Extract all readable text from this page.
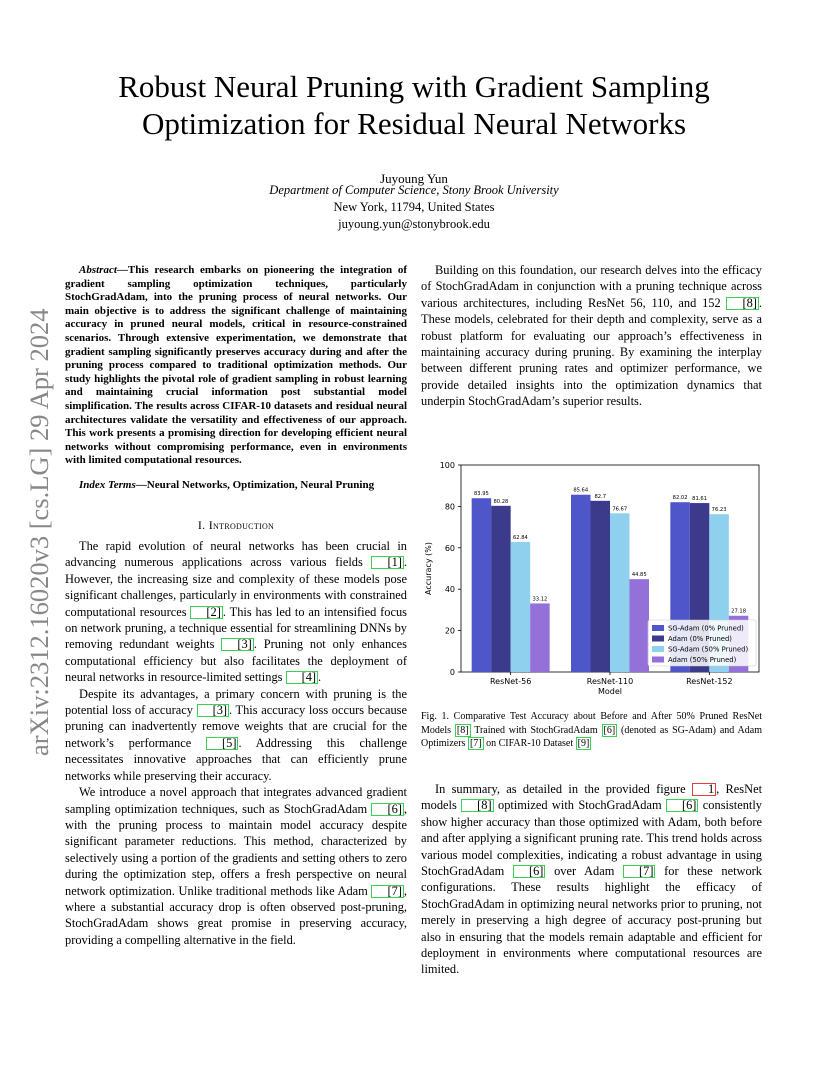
arXiv:2312.16020v3 [cs.LG] 29 Apr 2024
Robust Neural Pruning with Gradient Sampling
Optimization for Residual Neural Networks
Juyoung Yun
Department of Computer Science, Stony Brook University
New York, 11794, United States
juyoung.yun@stonybrook.edu
Abstract—This research embarks on pioneering the integration of gradient sampling optimization techniques, particularly StochGradAdam, into the pruning process of neural networks. Our main objective is to address the significant challenge of maintaining accuracy in pruned neural models, critical in resource-constrained scenarios. Through extensive experimentation, we demonstrate that gradient sampling significantly preserves accuracy during and after the pruning process compared to traditional optimization methods. Our study highlights the pivotal role of gradient sampling in robust learning and maintaining crucial information post substantial model simplification. The results across CIFAR-10 datasets and residual neural architectures validate the versatility and effectiveness of our approach. This work presents a promising direction for developing efficient neural networks without compromising performance, even in environments with limited computational resources.
Index Terms—Neural Networks, Optimization, Neural Pruning
I. Introduction

The rapid evolution of neural networks has been crucial in advancing numerous applications across various fields [1] . However, the increasing size and complexity of these models pose significant challenges, particularly in environments with constrained computational resources [2] . This has led to an intensified focus on network pruning, a technique essential for streamlining DNNs by removing redundant weights [3] . Pruning not only enhances computational efficiency but also facilitates the deployment of neural networks in resource-limited settings [4] .

Despite its advantages, a primary concern with pruning is the potential loss of accuracy [3] . This accuracy loss occurs because pruning can inadvertently remove weights that are crucial for the network’s performance [5] . Addressing this challenge necessitates innovative approaches that can efficiently prune networks while preserving their accuracy.

We introduce a novel approach that integrates advanced gradient sampling optimization techniques, such as StochGradAdam [6] , with the pruning process to maintain model accuracy despite significant parameter reductions. This method, characterized by selectively using a portion of the gradients and setting others to zero during the optimization step, offers a fresh perspective on neural network optimization. Unlike traditional methods like Adam [7] , where a substantial accuracy drop is often observed post-pruning, StochGradAdam shows great promise in preserving accuracy, providing a compelling alternative in the field.

Building on this foundation, our research delves into the efficacy of StochGradAdam in conjunction with a pruning technique across various architectures, including ResNet 56, 110, and 152 [8] . These models, celebrated for their depth and complexity, serve as a robust platform for evaluating our approach’s effectiveness in maintaining accuracy during pruning. By examining the interplay between different pruning rates and optimizer performance, we provide detailed insights into the optimization dynamics that underpin StochGradAdam’s superior results.

0
20
40
60
80
100
ResNet-56	ResNet-110	ResNet-152
Model
Accuracy (%)
83.95
80.28
62.84
33.12
85.64
82.7
76.67
44.85
82.02 81.61
76.23
27.18
SG-Adam (0% Pruned)
Adam (0% Pruned)
SG-Adam (50% Pruned)
Adam (50% Pruned)
Fig. 1. Comparative Test Accuracy about Before and After 50% Pruned ResNet Models [8] Trained with StochGradAdam [6] (denoted as SG-Adam) and Adam Optimizers [7] on CIFAR-10 Dataset [9]

In summary, as detailed in the provided figure 1 , ResNet models [8] optimized with StochGradAdam [6] consistently show higher accuracy than those optimized with Adam, both before and after applying a significant pruning rate. This trend holds across various model complexities, indicating a robust advantage in using StochGradAdam [6] over Adam [7] for these network configurations. These results highlight the efficacy of StochGradAdam in optimizing neural networks prior to pruning, not merely in preserving a high degree of accuracy post-pruning but also in ensuring that the models remain adaptable and efficient for deployment in environments where computational resources are limited.
